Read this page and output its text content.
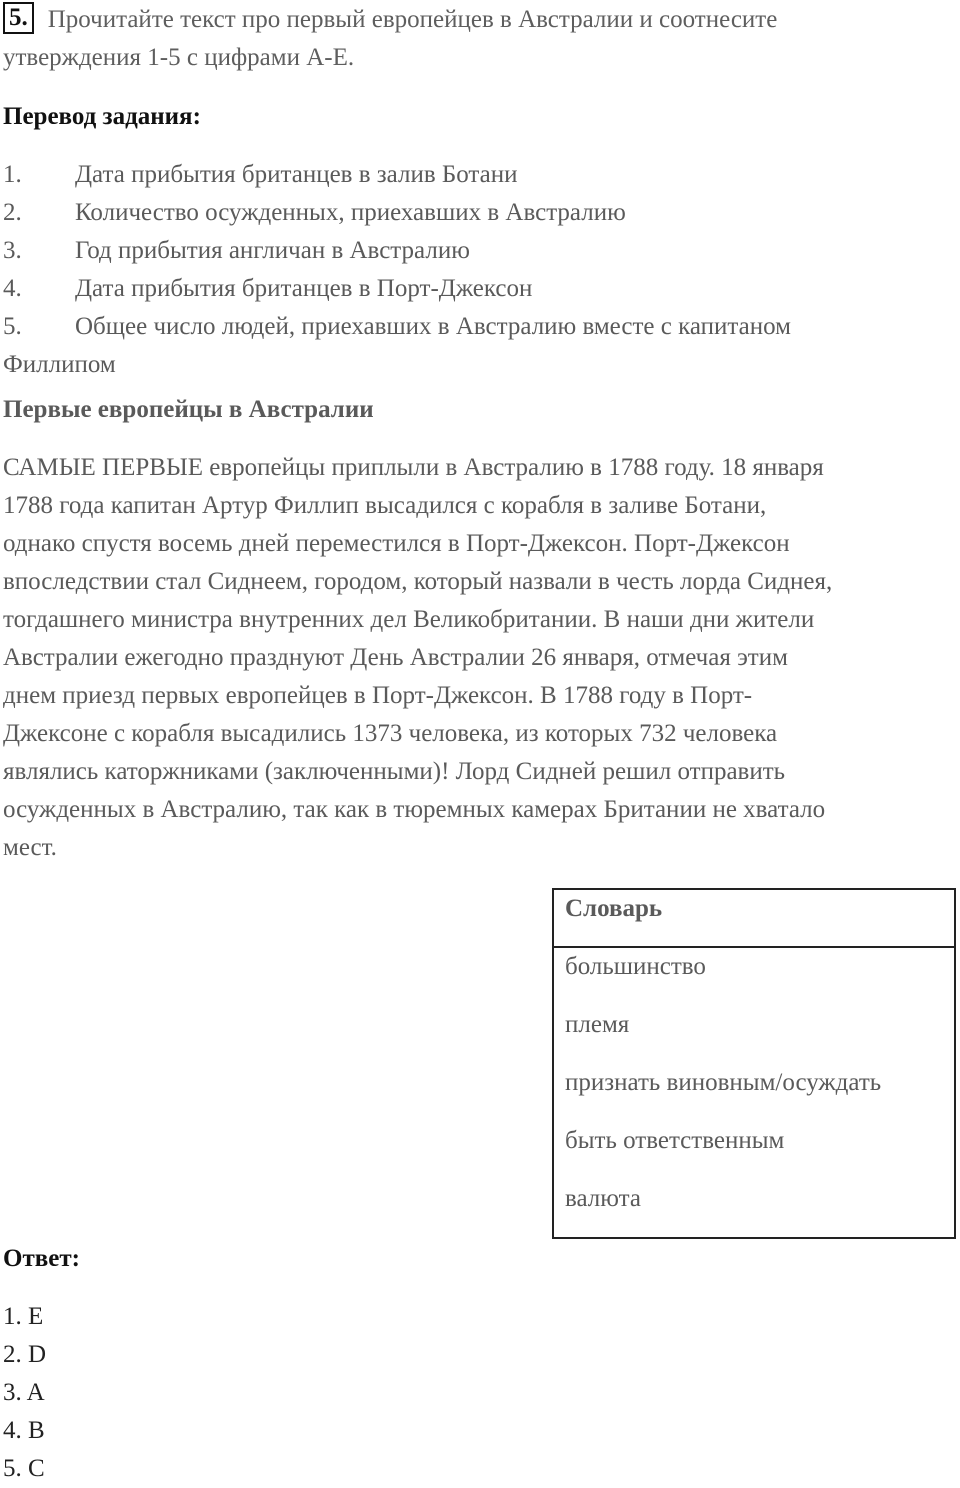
5. Прочитайте текст про первый европейцев в Австралии и соотнесите
утверждения 1-5 с цифрами A-E.
Перевод задания:
1. Дата прибытия британцев в залив Ботани
2. Количество осужденных, приехавших в Австралию
3. Год прибытия англичан в Австралию
4. Дата прибытия британцев в Порт-Джексон
5. Общее число людей, приехавших в Австралию вместе с капитаном
Филлипом
Первые европейцы в Австралии
САМЫЕ ПЕРВЫЕ европейцы приплыли в Австралию в 1788 году. 18 января
1788 года капитан Артур Филлип высадился с корабля в заливе Ботани,
однако спустя восемь дней переместился в Порт-Джексон. Порт-Джексон
впоследствии стал Сиднеем, городом, который назвали в честь лорда Сиднея,
тогдашнего министра внутренних дел Великобритании. В наши дни жители
Австралии ежегодно празднуют День Австралии 26 января, отмечая этим
днем приезд первых европейцев в Порт-Джексон. В 1788 году в Порт-
Джексоне с корабля высадились 1373 человека, из которых 732 человека
являлись каторжниками (заключенными)! Лорд Сидней решил отправить
осужденных в Австралию, так как в тюремных камерах Британии не хватало
мест.
Словарь
большинство
племя
признать виновным/осуждать
быть ответственным
валюта
Ответ:
1. E
2. D
3. A
4. B
5. C
